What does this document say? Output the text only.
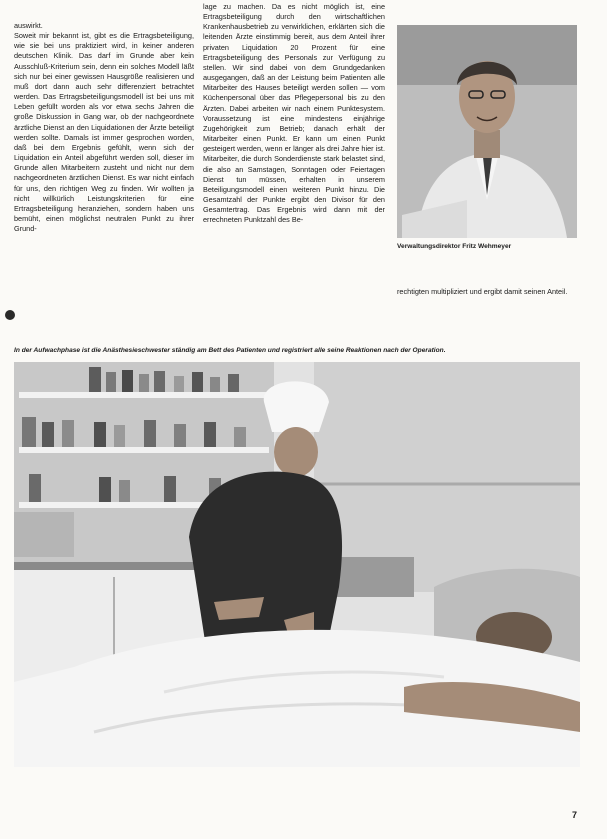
auswirkt.
Soweit mir bekannt ist, gibt es die Ertragsbeteiligung, wie sie bei uns praktiziert wird, in keiner anderen deutschen Klinik. Das darf im Grunde aber kein Ausschluß-Kriterium sein, denn ein solches Modell läßt sich nur bei einer gewissen Hausgröße realisieren und muß dort dann auch sehr differenziert betrachtet werden. Das Ertragsbeteiligungsmodell ist bei uns mit Leben gefüllt worden als vor etwa sechs Jahren die große Diskussion in Gang war, ob der nachgeordnete ärztliche Dienst an den Liquidationen der Ärzte beteiligt werden sollte. Damals ist immer gesprochen worden, daß bei dem Ergebnis gefühlt, wenn sich der Liquidation ein Anteil abgeführt werden soll, dieser im Grunde allen Mitarbeitern zusteht und nicht nur dem nachgeordneten ärztlichen Dienst. Es war nicht einfach für uns, den richtigen Weg zu finden. Wir wollten ja nicht willkürlich Leistungskriterien für eine Ertragsbeteiligung heranziehen, sondern haben uns bemüht, einen möglichst neutralen Punkt zu ihrer Grund-
lage zu machen. Da es nicht möglich ist, eine Ertragsbeteiligung durch den wirtschaftlichen Krankenhausbetrieb zu verwirklichen, erklärten sich die leitenden Ärzte einstimmig bereit, aus dem Anteil ihrer privaten Liquidation 20 Prozent für eine Ertragsbeteiligung des Personals zur Verfügung zu stellen. Wir sind dabei von dem Grundgedanken ausgegangen, daß an der Leistung beim Patienten alle Mitarbeiter des Hauses beteiligt werden sollen — vom Küchenpersonal über das Pflegepersonal bis zu den Ärzten. Dabei arbeiten wir nach einem Punktesystem. Voraussetzung ist eine mindestens einjährige Zugehörigkeit zum Betrieb; danach erhält der Mitarbeiter einen Punkt. Er kann um einen Punkt gesteigert werden, wenn er länger als drei Jahre hier ist. Mitarbeiter, die durch Sonderdienste stark belastet sind, die also an Samstagen, Sonntagen oder Feiertagen Dienst tun müssen, erhalten in unserem Beteiligungsmodell einen weiteren Punkt hinzu. Die Gesamtzahl der Punkte ergibt den Divisor für den Gesamtertrag. Das Ergebnis wird dann mit der errechneten Punktzahl des Be-
Verwaltungsdirektor Fritz Wehmeyer
rechtigten multipliziert und ergibt damit seinen Anteil.
In der Aufwachphase ist die Anästhesieschwester ständig am Bett des Patienten und registriert alle seine Reaktionen nach der Operation.
7
